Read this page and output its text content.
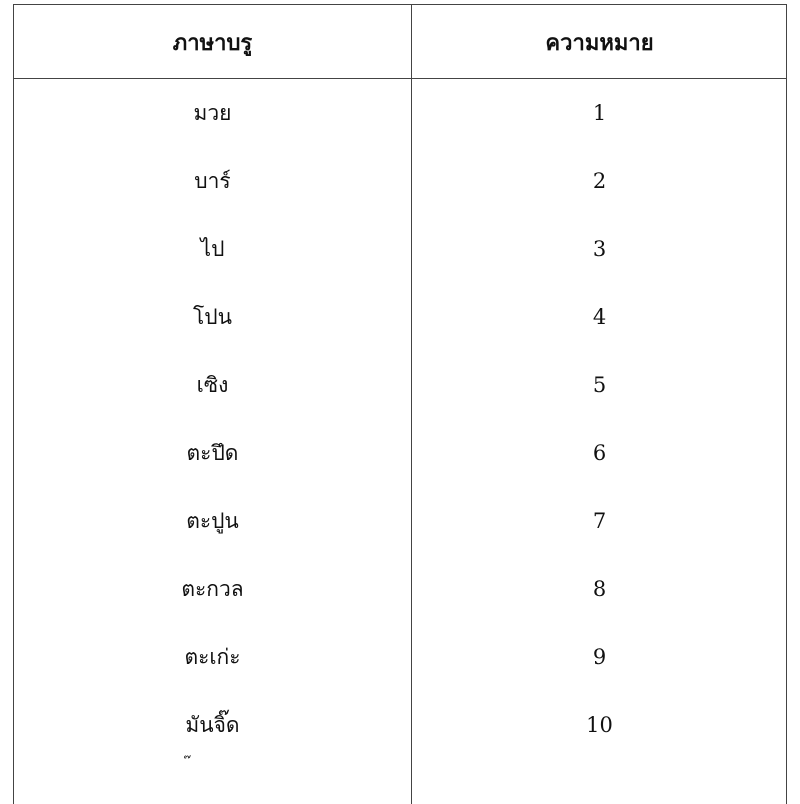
ภาษาบรู	ความหมาย
มวย	1
บาร์	2
ไป	3
โปน	4
เซิง	5
ตะปึด	6
ตะปูน	7
ตะกวล	8
ตะเก่ะ	9
มันจิ๊ด	10
